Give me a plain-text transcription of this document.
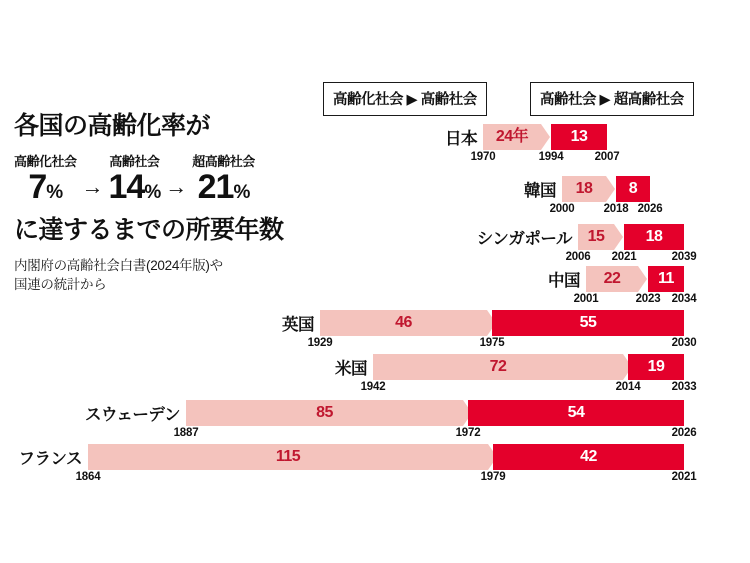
各国の高齢化率が
高齢化社会
7% →
高齢社会
14% →
超高齢社会
21%
に達するまでの所要年数
内閣府の高齢社会白書(2024年版)や
国連の統計から
高齢化社会 ▶ 高齢社会	高齢社会 ▶ 超高齢社会
日本 24年	13
1970	1994	2007
韓国 18 8
2000	2018 2026
シンガポール 15	18
2006 2021	2039
中国 22 11
2001	2023 2034
英国	46	55
1929	1975	2030
米国	72	19
1942	2014	2033
スウェーデン	85	54
1887	1972	2026
フランス	115	42
1864	1979	2021
